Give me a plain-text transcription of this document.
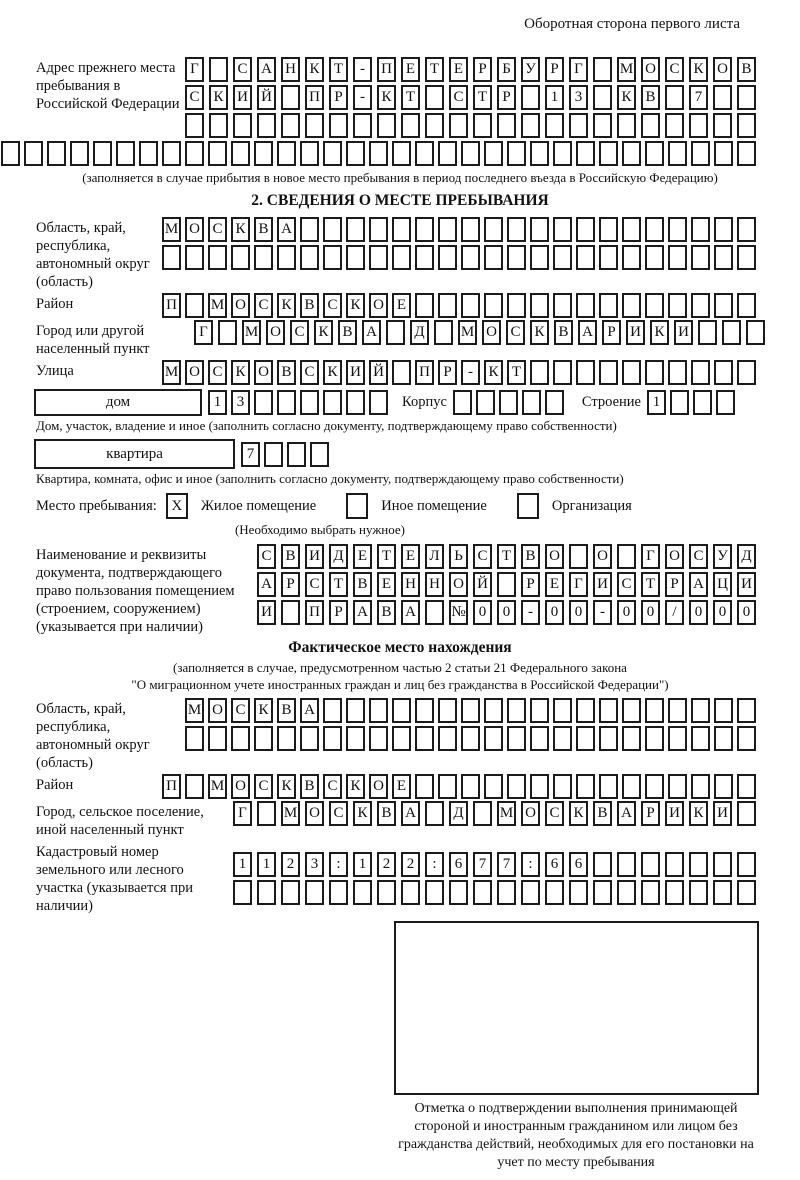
Оборотная сторона первого листа
Адрес прежнего места пребывания в Российской Федерации
Г	С А Н К Т	-	П Е Т Е	Р	Б У Р	Г	М О С К О В
С К И Й П Р	-	К Т	С Т	Р	1	3	К В	7
(заполняется в случае прибытия в новое место пребывания в период последнего въезда в Российскую Федерацию)
2. СВЕДЕНИЯ О МЕСТЕ ПРЕБЫВАНИЯ
Область, край, республика, автономный округ (область)
М О С К В А
Район	П М О С К В С К О Е
Город или другой населенный пункт
Г	М О С К В А Д М О С К В А Р И К И
Улица	М О С К О В С К И Й П Р	-	К Т
дом	1	3	Корпус	Строение 1
Дом, участок, владение и иное (заполнить согласно документу, подтверждающему право собственности)
квартира	7
Квартира, комната, офис и иное (заполнить согласно документу, подтверждающему право собственности)
Место пребывания: X	Жилое помещение	Иное помещение	Организация
(Необходимо выбрать нужное)
Наименование и реквизиты документа, подтверждающего право пользования помещением (строением, сооружением) (указывается при наличии)
С В И Д Е Т Е Л Ь С Т В О О	Г О С У Д
А Р С Т В Е Н Н О Й	Р	Е	Г И С Т	Р А Ц И
И П Р А В А № 0	0	-	0	0	-	0	0	/	0	0	0
Фактическое место нахождения
(заполняется в случае, предусмотренном частью 2 статьи 21 Федерального закона
"О миграционном учете иностранных граждан и лиц без гражданства в Российской Федерации")
Область, край, республика, автономный округ (область)
М О С К В А
Район	П М О С К В С К О Е
Город, сельское поселение, иной населенный пункт
Г	М О С К В А Д М О С К В А Р И К И
Кадастровый номер земельного или лесного участка (указывается при наличии)
1	1	2	3	:	1	2	2	:	6	7	7	:	6	6
Отметка о подтверждении выполнения принимающей стороной и иностранным гражданином или лицом без гражданства действий, необходимых для его постановки на учет по месту пребывания
